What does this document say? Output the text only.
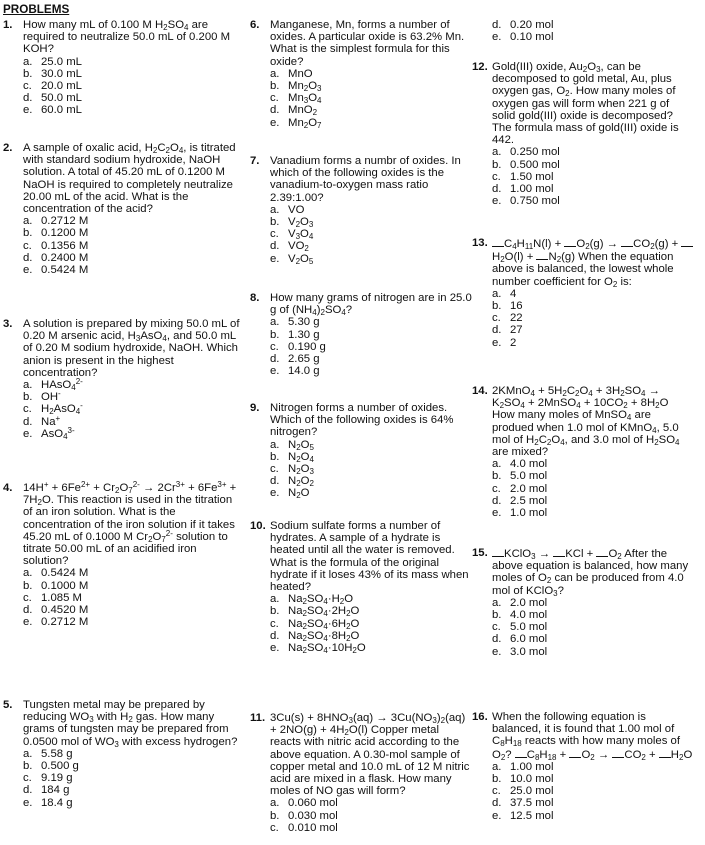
PROBLEMS
1. How many mL of 0.100 M $H_2SO_4$ are required to neutralize 50.0 mL of 0.200 M KOH?
a. 25.0 mL
b. 30.0 mL
c. 20.0 mL
d. 50.0 mL
e. 60.0 mL
2. A sample of oxalic acid, $H_2C_2O_4$, is titrated with standard sodium hydroxide, NaOH solution. A total of 45.20 mL of 0.1200 M NaOH is required to completely neutralize 20.00 mL of the acid. What is the concentration of the acid?
a. 0.2712 M
b. 0.1200 M
c. 0.1356 M
d. 0.2400 M
e. 0.5424 M
3. A solution is prepared by mixing 50.0 mL of 0.20 M arsenic acid, $H_3AsO_4$, and 50.0 mL of 0.20 M sodium hydroxide, NaOH. Which anion is present in the highest concentration?
a. HAsO$_4^{2-}$
b. OH-
c. $H_2AsO_4^-$
d. Na+
e. AsO$_4^{3-}$
4. $14H^+ + 6Fe^{2+} + Cr_2O_7^{2-} \to 2Cr^{3+} + 6Fe^{3+} + 7H_2O$. This reaction is used in the titration of an iron solution. What is the concentration of the iron solution if it takes 45.20 mL of 0.1000 M $Cr_2O_7^{2-}$ solution to titrate 50.00 mL of an acidified iron solution?
a. 0.5424 M
b. 0.1000 M
c. 1.085 M
d. 0.4520 M
e. 0.2712 M
5. Tungsten metal may be prepared by reducing $WO_3$ with $H_2$ gas. How many grams of tungsten may be prepared from 0.0500 mol of $WO_3$ with excess hydrogen?
a. 5.58 g
b. 0.500 g
c. 9.19 g
d. 184 g
e. 18.4 g
6. Manganese, Mn, forms a number of oxides. A particular oxide is 63.2% Mn. What is the simplest formula for this oxide?
a. MnO
b. $Mn_2O_3$
c. $Mn_3O_4$
d. MnO$_2$
e. $Mn_2O_7$
7. Vanadium forms a numbr of oxides. In which of the following oxides is the vanadium-to-oxygen mass ratio 2.39:1.00?
a. VO
b. $V_2O_3$
c. $V_3O_4$
d. $VO_2$
e. $V_2O_5$
8. How many grams of nitrogen are in 25.0 g of $(NH_4)_2SO_4$?
a. 5.30 g
b. 1.30 g
c. 0.190 g
d. 2.65 g
e. 14.0 g
9. Nitrogen forms a number of oxides. Which of the following oxides is 64% nitrogen?
a. $N_2O_5$
b. $N_2O_4$
c. $N_2O_3$
d. $N_2O_2$
e. $N_2O$
10. Sodium sulfate forms a number of hydrates. A sample of a hydrate is heated until all the water is removed. What is the formula of the original hydrate if it loses 43% of its mass when heated?
a. $Na_2SO_4\cdot H_2O$
b. $Na_2SO_4\cdot 2H_2O$
c. $Na_2SO_4\cdot 6H_2O$
d. $Na_2SO_4\cdot 8H_2O$
e. $Na_2SO_4\cdot 10H_2O$
11. $3Cu(s) + 8HNO_3(aq) \to 3Cu(NO_3)_2(aq) + 2NO(g) + 4H_2O(l)$ Copper metal reacts with nitric acid according to the above equation. A 0.30-mol sample of copper metal and 10.0 mL of 12 M nitric acid are mixed in a flask. How many moles of NO gas will form?
a. 0.060 mol
b. 0.030 mol
c. 0.010 mol
d. 0.20 mol
e. 0.10 mol
12. Gold(III) oxide, $Au_2O_3$, can be decomposed to gold metal, Au, plus oxygen gas, $O_2$. How many moles of oxygen gas will form when 221 g of solid gold(III) oxide is decomposed? The formula mass of gold(III) oxide is 442.
a. 0.250 mol
b. 0.500 mol
c. 1.50 mol
d. 1.00 mol
e. 0.750 mol
13.	$C_4H_{11}N(l) + O_2(g) \to CO_2(g) + H_2O(l) + N_2(g)$ When the equation above is balanced, the lowest whole number coefficient for $O_2$ is:
a. 4
b. 16
c. 22
d. 27
e. 2
14. 2KMnO$_4$ + $5H_2C_2O_4 + 3H_2SO_4 \to K_2SO_4$ + 2MnSO$_4$ + $10CO_2 + 8H_2O$ How many moles of MnSO$_4$ are produed when 1.0 mol of KMnO$_4$, 5.0 mol of $H_2C_2O_4$, and 3.0 mol of $H_2SO_4$ are mixed?
a. 4.0 mol
b. 5.0 mol
c. 2.0 mol
d. 2.5 mol
e. 1.0 mol
15.	KClO$_3$ → KCl + $O_2$ After the above equation is balanced, how many moles of $O_2$ can be produced from 4.0 mol of KClO$_3$?
a. 2.0 mol
b. 4.0 mol
c. 5.0 mol
d. 6.0 mol
e. 3.0 mol
16. When the following equation is balanced, it is found that 1.00 mol of $C_8H_{18}$ reacts with how many moles of $O_2$? $C_8H_{18} + O_2 \to CO_2 + H_2O$
a. 1.00 mol
b. 10.0 mol
c. 25.0 mol
d. 37.5 mol
e. 12.5 mol
